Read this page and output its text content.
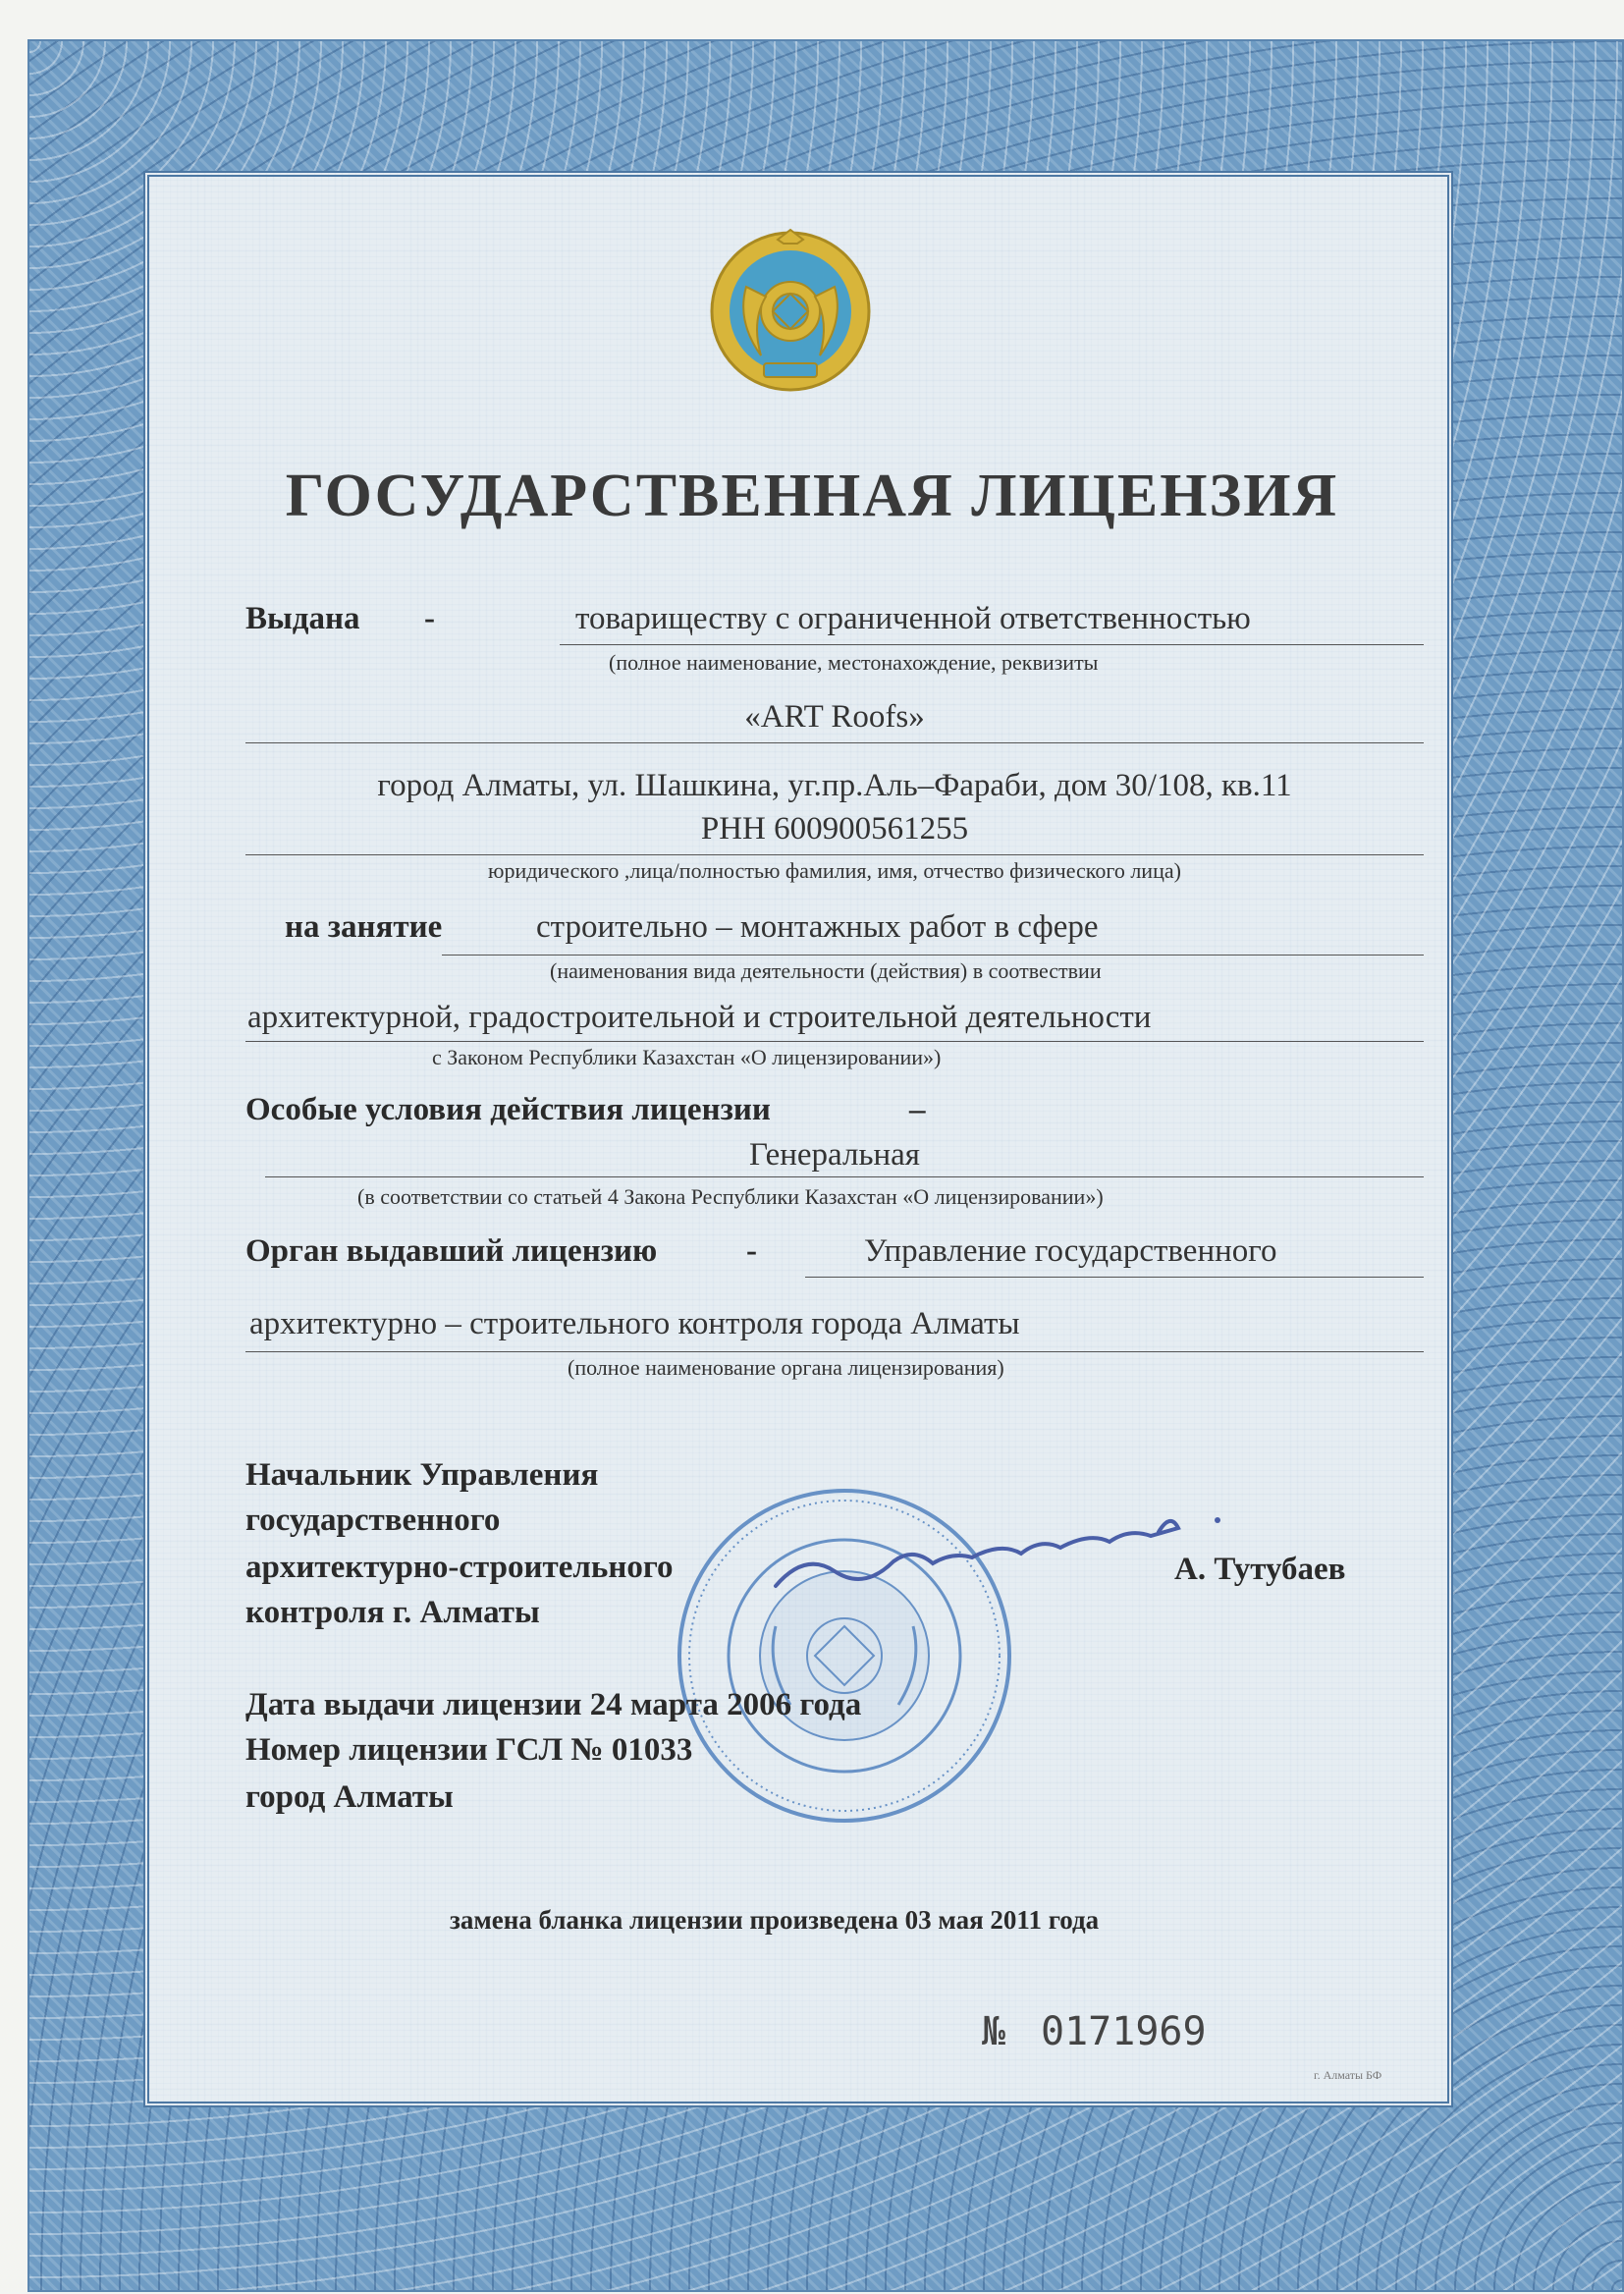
ГОСУДАРСТВЕННАЯ ЛИЦЕНЗИЯ
Выдана -	товариществу с ограниченной ответственностью
(полное наименование, местонахождение, реквизиты
«ART Roofs»
город Алматы, ул. Шашкина, уг.пр.Аль–Фараби, дом 30/108, кв.11
РНН 600900561255
юридического ,лица/полностью фамилия, имя, отчество физического лица)
на занятие	строительно – монтажных работ в сфере
(наименования вида деятельности (действия) в соотвествии
архитектурной, градостроительной и строительной деятельности
с Законом Республики Казахстан «О лицензировании»)
Особые условия действия лицензии	–
Генеральная
(в соответствии со статьей 4 Закона Республики Казахстан «О лицензировании»)
Орган выдавший лицензию	-	Управление государственного
архитектурно – строительного контроля города Алматы
(полное наименование органа лицензирования)
Начальник Управления
государственного
архитектурно-строительного
контроля г. Алматы
А. Тутубаев
Дата выдачи лицензии 24 марта 2006 года
Номер лицензии ГСЛ № 01033
город Алматы
замена бланка лицензии произведена 03 мая 2011 года
№ 0171969
г. Алматы БФ
